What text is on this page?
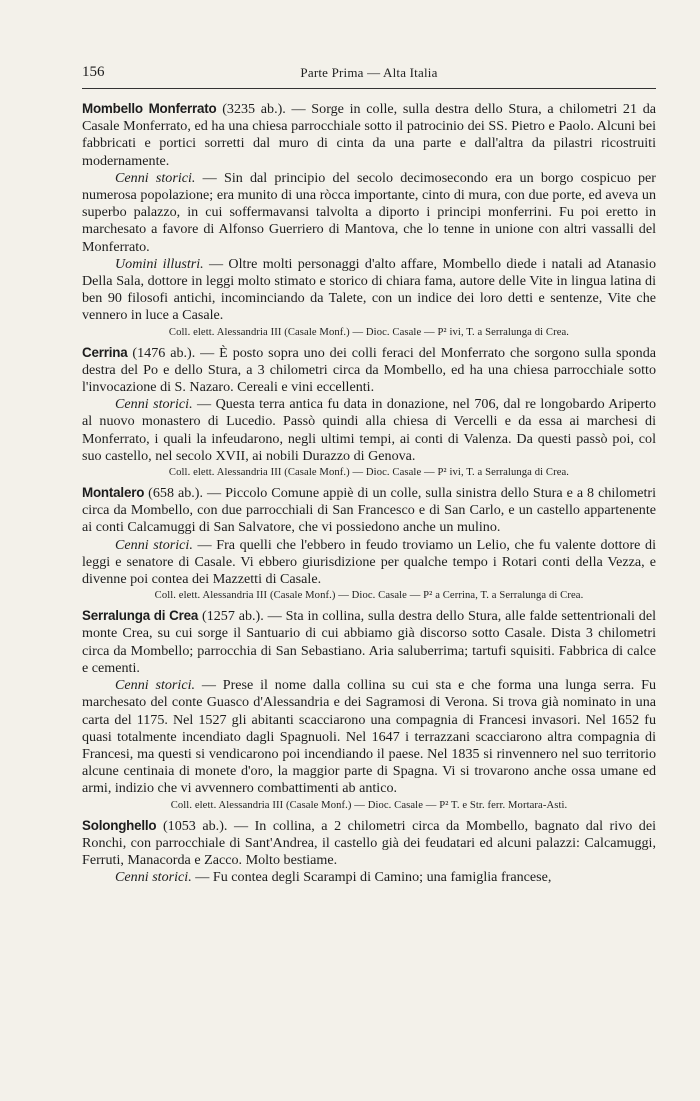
156	Parte Prima — Alta Italia

Mombello Monferrato (3235 ab.). — Sorge in colle, sulla destra dello Stura, a chilometri 21 da Casale Monferrato, ed ha una chiesa parrocchiale sotto il patrocinio dei SS. Pietro e Paolo. Alcuni bei fabbricati e portici sorretti dal muro di cinta da una parte e dall'altra da pilastri ricostruiti modernamente.

Cenni storici. — Sin dal principio del secolo decimosecondo era un borgo cospicuo per numerosa popolazione; era munito di una ròcca importante, cinto di mura, con due porte, ed aveva un superbo palazzo, in cui soffermavansi talvolta a diporto i principi monferrini. Fu poi eretto in marchesato a favore di Alfonso Guerriero di Mantova, che lo tenne in unione con altri vassalli del Monferrato.

Uomini illustri. — Oltre molti personaggi d'alto affare, Mombello diede i natali ad Atanasio Della Sala, dottore in leggi molto stimato e storico di chiara fama, autore delle Vite in lingua latina di ben 90 filosofi antichi, incominciando da Talete, con un indice dei loro detti e sentenze, Vite che vennero in luce a Casale.

Coll. elett. Alessandria III (Casale Monf.) — Dioc. Casale — P² ivi, T. a Serralunga di Crea.

Cerrina (1476 ab.). — È posto sopra uno dei colli feraci del Monferrato che sorgono sulla sponda destra del Po e dello Stura, a 3 chilometri circa da Mombello, ed ha una chiesa parrocchiale sotto l'invocazione di S. Nazaro. Cereali e vini eccellenti.

Cenni storici. — Questa terra antica fu data in donazione, nel 706, dal re longobardo Ariperto al nuovo monastero di Lucedio. Passò quindi alla chiesa di Vercelli e da essa ai marchesi di Monferrato, i quali la infeudarono, negli ultimi tempi, ai conti di Valenza. Da questi passò poi, col suo castello, nel secolo XVII, ai nobili Durazzo di Genova.

Coll. elett. Alessandria III (Casale Monf.) — Dioc. Casale — P² ivi, T. a Serralunga di Crea.

Montalero (658 ab.). — Piccolo Comune appiè di un colle, sulla sinistra dello Stura e a 8 chilometri circa da Mombello, con due parrocchiali di San Francesco e di San Carlo, e un castello appartenente ai conti Calcamuggi di San Salvatore, che vi possiedono anche un mulino.

Cenni storici. — Fra quelli che l'ebbero in feudo troviamo un Lelio, che fu valente dottore di leggi e senatore di Casale. Vi ebbero giurisdizione per qualche tempo i Rotari conti della Vezza, e divenne poi contea dei Mazzetti di Casale.

Coll. elett. Alessandria III (Casale Monf.) — Dioc. Casale — P² a Cerrina, T. a Serralunga di Crea.

Serralunga di Crea (1257 ab.). — Sta in collina, sulla destra dello Stura, alle falde settentrionali del monte Crea, su cui sorge il Santuario di cui abbiamo già discorso sotto Casale. Dista 3 chilometri circa da Mombello; parrocchia di San Sebastiano. Aria saluberrima; tartufi squisiti. Fabbrica di calce e cementi.

Cenni storici. — Prese il nome dalla collina su cui sta e che forma una lunga serra. Fu marchesato del conte Guasco d'Alessandria e dei Sagramosi di Verona. Si trova già nominato in una carta del 1175. Nel 1527 gli abitanti scacciarono una compagnia di Francesi invasori. Nel 1652 fu quasi totalmente incendiato dagli Spagnuoli. Nel 1647 i terrazzani scacciarono altra compagnia di Francesi, ma questi si vendicarono poi incendiando il paese. Nel 1835 si rinvennero nel suo territorio alcune centinaia di monete d'oro, la maggior parte di Spagna. Vi si trovarono anche ossa umane ed armi, indizio che vi avvennero combattimenti ab antico.

Coll. elett. Alessandria III (Casale Monf.) — Dioc. Casale — P² T. e Str. ferr. Mortara-Asti.

Solonghello (1053 ab.). — In collina, a 2 chilometri circa da Mombello, bagnato dal rivo dei Ronchi, con parrocchiale di Sant'Andrea, il castello già dei feudatari ed alcuni palazzi: Calcamuggi, Ferruti, Manacorda e Zacco. Molto bestiame.

Cenni storici. — Fu contea degli Scarampi di Camino; una famiglia francese,
